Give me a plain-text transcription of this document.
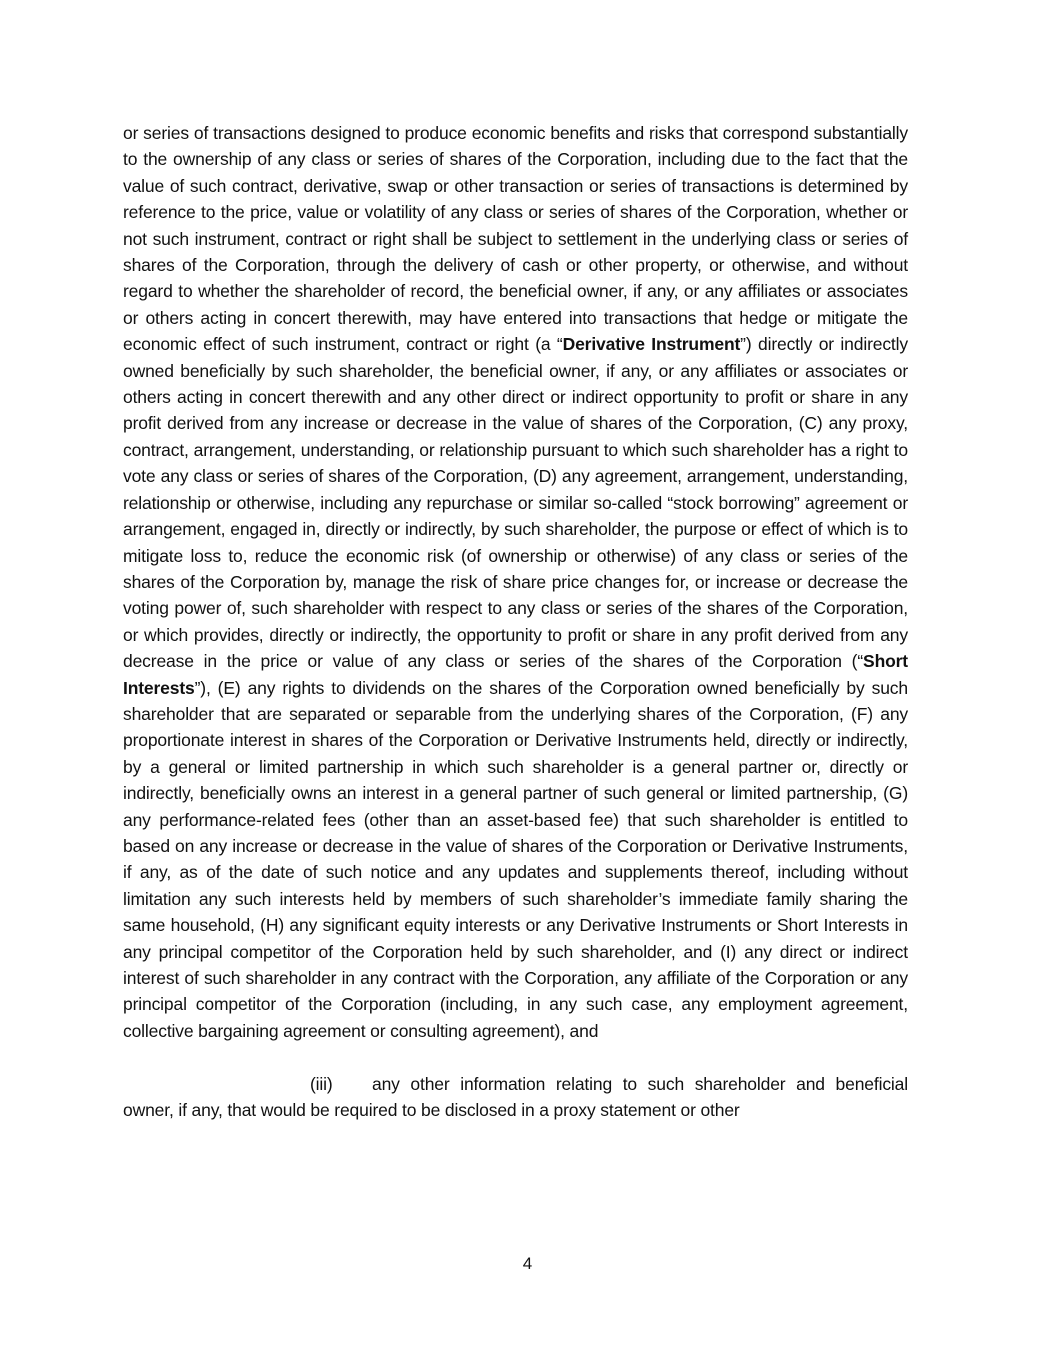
or series of transactions designed to produce economic benefits and risks that correspond substantially to the ownership of any class or series of shares of the Corporation, including due to the fact that the value of such contract, derivative, swap or other transaction or series of transactions is determined by reference to the price, value or volatility of any class or series of shares of the Corporation, whether or not such instrument, contract or right shall be subject to settlement in the underlying class or series of shares of the Corporation, through the delivery of cash or other property, or otherwise, and without regard to whether the shareholder of record, the beneficial owner, if any, or any affiliates or associates or others acting in concert therewith, may have entered into transactions that hedge or mitigate the economic effect of such instrument, contract or right (a “Derivative Instrument”) directly or indirectly owned beneficially by such shareholder, the beneficial owner, if any, or any affiliates or associates or others acting in concert therewith and any other direct or indirect opportunity to profit or share in any profit derived from any increase or decrease in the value of shares of the Corporation, (C) any proxy, contract, arrangement, understanding, or relationship pursuant to which such shareholder has a right to vote any class or series of shares of the Corporation, (D) any agreement, arrangement, understanding, relationship or otherwise, including any repurchase or similar so-called “stock borrowing” agreement or arrangement, engaged in, directly or indirectly, by such shareholder, the purpose or effect of which is to mitigate loss to, reduce the economic risk (of ownership or otherwise) of any class or series of the shares of the Corporation by, manage the risk of share price changes for, or increase or decrease the voting power of, such shareholder with respect to any class or series of the shares of the Corporation, or which provides, directly or indirectly, the opportunity to profit or share in any profit derived from any decrease in the price or value of any class or series of the shares of the Corporation (“Short Interests”), (E) any rights to dividends on the shares of the Corporation owned beneficially by such shareholder that are separated or separable from the underlying shares of the Corporation, (F) any proportionate interest in shares of the Corporation or Derivative Instruments held, directly or indirectly, by a general or limited partnership in which such shareholder is a general partner or, directly or indirectly, beneficially owns an interest in a general partner of such general or limited partnership, (G) any performance-related fees (other than an asset-based fee) that such shareholder is entitled to based on any increase or decrease in the value of shares of the Corporation or Derivative Instruments, if any, as of the date of such notice and any updates and supplements thereof, including without limitation any such interests held by members of such shareholder’s immediate family sharing the same household, (H) any significant equity interests or any Derivative Instruments or Short Interests in any principal competitor of the Corporation held by such shareholder, and (I) any direct or indirect interest of such shareholder in any contract with the Corporation, any affiliate of the Corporation or any principal competitor of the Corporation (including, in any such case, any employment agreement, collective bargaining agreement or consulting agreement), and

(iii) any other information relating to such shareholder and beneficial owner, if any, that would be required to be disclosed in a proxy statement or other

4
